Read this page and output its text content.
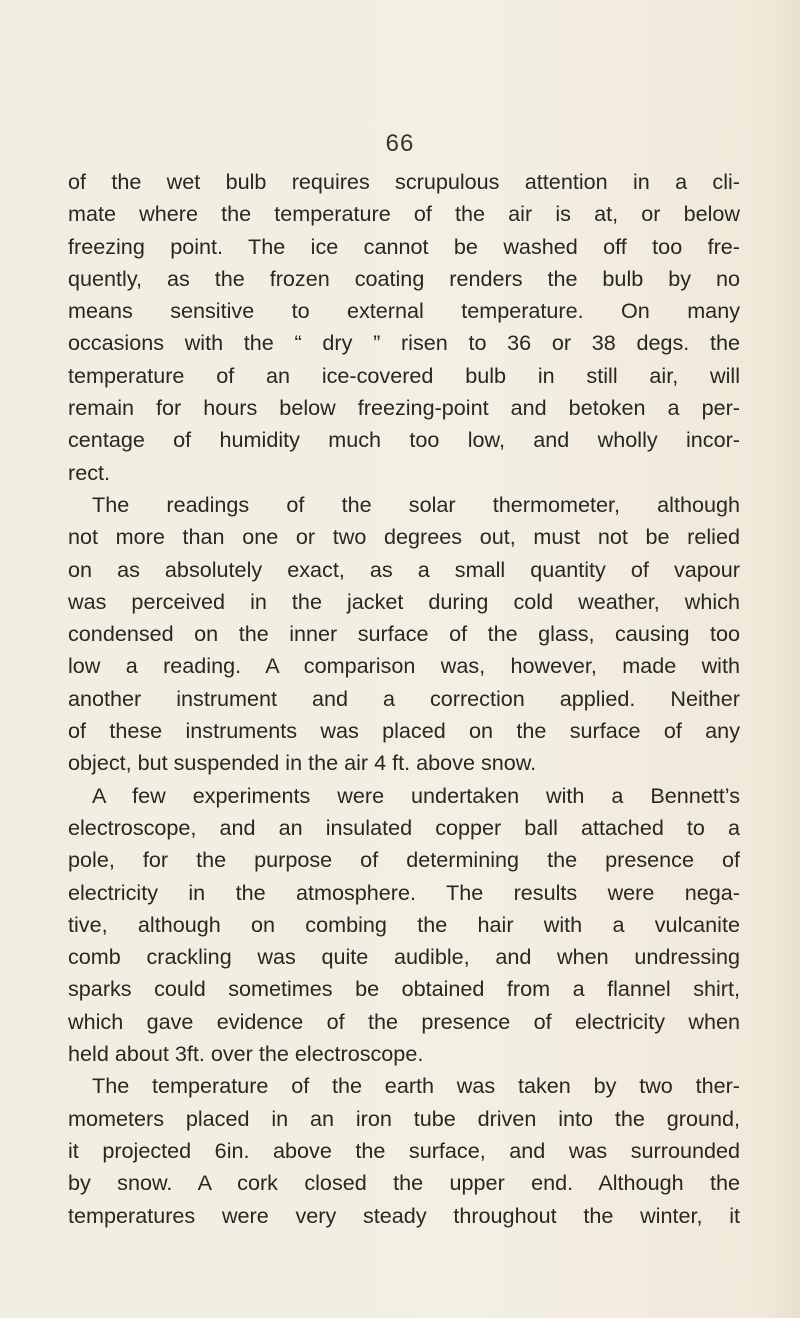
66
of the wet bulb requires scrupulous attention in a cli-
mate where the temperature of the air is at, or below
freezing point. The ice cannot be washed off too fre-
quently, as the frozen coating renders the bulb by no
means sensitive to external temperature. On many
occasions with the “ dry ” risen to 36 or 38 degs. the
temperature of an ice-covered bulb in still air, will
remain for hours below freezing-point and betoken a per-
centage of humidity much too low, and wholly incor-
rect.
The readings of the solar thermometer, although
not more than one or two degrees out, must not be relied
on as absolutely exact, as a small quantity of vapour
was perceived in the jacket during cold weather, which
condensed on the inner surface of the glass, causing too
low a reading. A comparison was, however, made with
another instrument and a correction applied. Neither
of these instruments was placed on the surface of any
object, but suspended in the air 4 ft. above snow.
A few experiments were undertaken with a Bennett’s
electroscope, and an insulated copper ball attached to a
pole, for the purpose of determining the presence of
electricity in the atmosphere. The results were nega-
tive, although on combing the hair with a vulcanite
comb crackling was quite audible, and when undressing
sparks could sometimes be obtained from a flannel shirt,
which gave evidence of the presence of electricity when
held about 3ft. over the electroscope.
The temperature of the earth was taken by two ther-
mometers placed in an iron tube driven into the ground,
it projected 6in. above the surface, and was surrounded
by snow. A cork closed the upper end. Although the
temperatures were very steady throughout the winter, it
